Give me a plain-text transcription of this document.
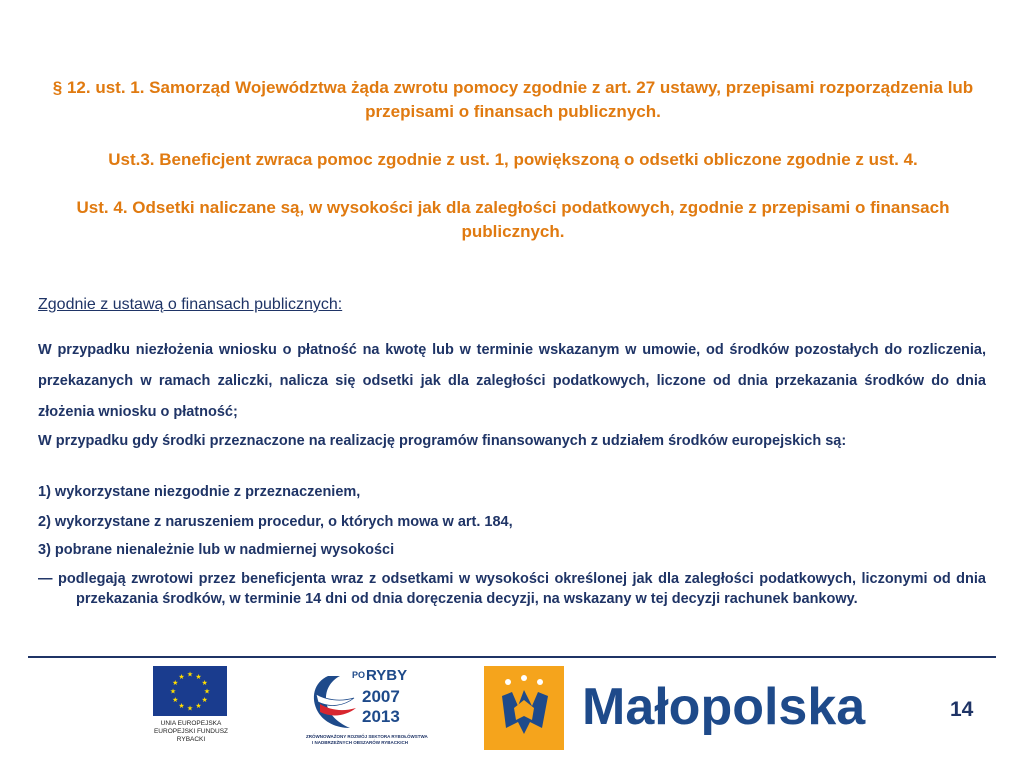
§ 12. ust. 1. Samorząd Województwa żąda zwrotu pomocy zgodnie z art. 27 ustawy, przepisami rozporządzenia lub przepisami o finansach publicznych.
Ust.3. Beneficjent zwraca pomoc zgodnie z ust. 1, powiększoną o odsetki obliczone zgodnie z ust. 4.
Ust. 4. Odsetki naliczane są, w wysokości jak dla zaległości podatkowych, zgodnie z przepisami o finansach publicznych.
Zgodnie z ustawą o finansach publicznych:
W przypadku niezłożenia wniosku o płatność na kwotę lub w terminie wskazanym w umowie, od środków pozostałych do rozliczenia, przekazanych w ramach zaliczki, nalicza się odsetki jak dla zaległości podatkowych, liczone od dnia przekazania środków do dnia złożenia wniosku o płatność;
W przypadku gdy środki przeznaczone na realizację programów finansowanych z udziałem środków europejskich są:
1) wykorzystane niezgodnie z przeznaczeniem,
2) wykorzystane z naruszeniem procedur, o których mowa w art. 184,
3) pobrane nienależnie lub w nadmiernej wysokości
— podlegają zwrotowi przez beneficjenta wraz z odsetkami w wysokości określonej jak dla zaległości podatkowych, liczonymi od dnia przekazania środków, w terminie 14 dni od dnia doręczenia decyzji, na wskazany w tej decyzji rachunek bankowy.
★ ★
★
★
★
★
★
★
★
★
★
★
UNIA EUROPEJSKA
EUROPEJSKI FUNDUSZ
RYBACKI
PO RYBY
2007
2013
ZRÓWNOWAŻONY ROZWÓJ SEKTORA RYBOŁÓWSTWA
I NADBRZEŻNYCH OBSZARÓW RYBACKICH
Małopolska	14
